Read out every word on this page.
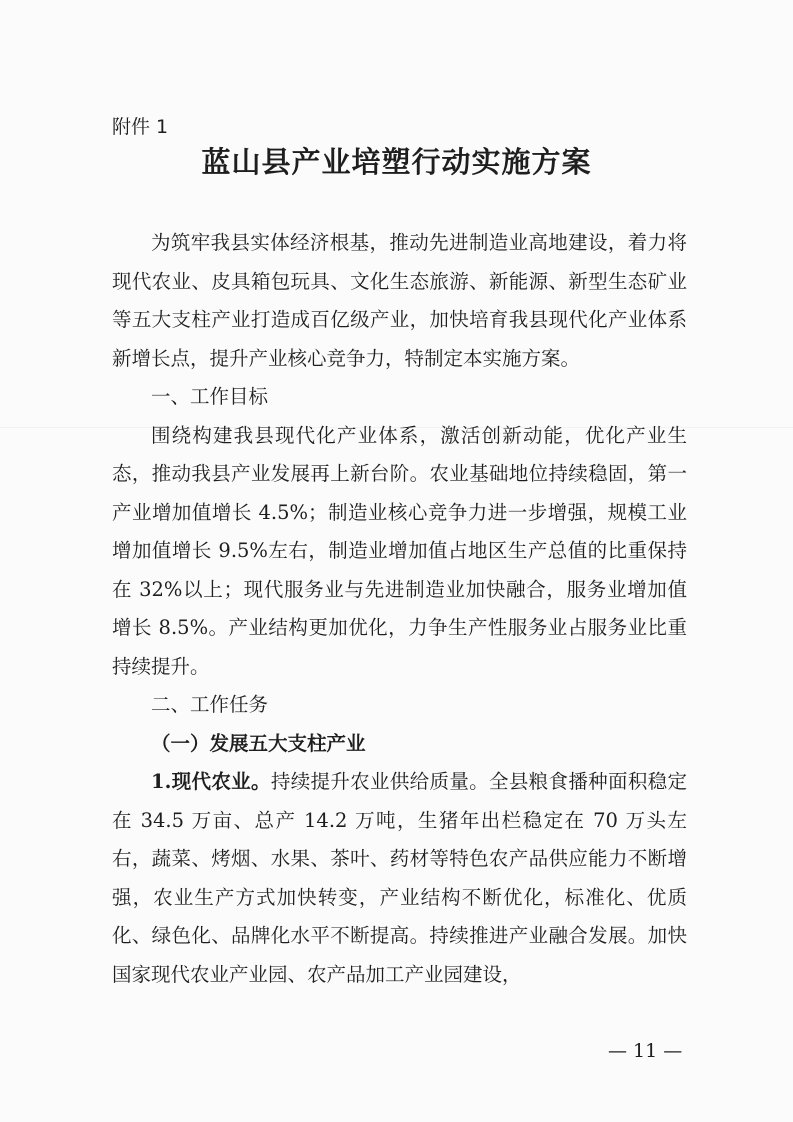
附件 1
蓝山县产业培塑行动实施方案

为筑牢我县实体经济根基，推动先进制造业高地建设，着力将现代农业、皮具箱包玩具、文化生态旅游、新能源、新型生态矿业等五大支柱产业打造成百亿级产业，加快培育我县现代化产业体系新增长点，提升产业核心竞争力，特制定本实施方案。

一、工作目标

围绕构建我县现代化产业体系，激活创新动能，优化产业生态，推动我县产业发展再上新台阶。农业基础地位持续稳固，第一产业增加值增长 4.5%；制造业核心竞争力进一步增强，规模工业增加值增长 9.5%左右，制造业增加值占地区生产总值的比重保持在 32%以上；现代服务业与先进制造业加快融合，服务业增加值增长 8.5%。产业结构更加优化，力争生产性服务业占服务业比重持续提升。

二、工作任务

（一）发展五大支柱产业

1.现代农业。持续提升农业供给质量。全县粮食播种面积稳定在 34.5 万亩、总产 14.2 万吨，生猪年出栏稳定在 70 万头左右，蔬菜、烤烟、水果、茶叶、药材等特色农产品供应能力不断增强，农业生产方式加快转变，产业结构不断优化，标准化、优质化、绿色化、品牌化水平不断提高。持续推进产业融合发展。加快国家现代农业产业园、农产品加工产业园建设，

— 11 —
